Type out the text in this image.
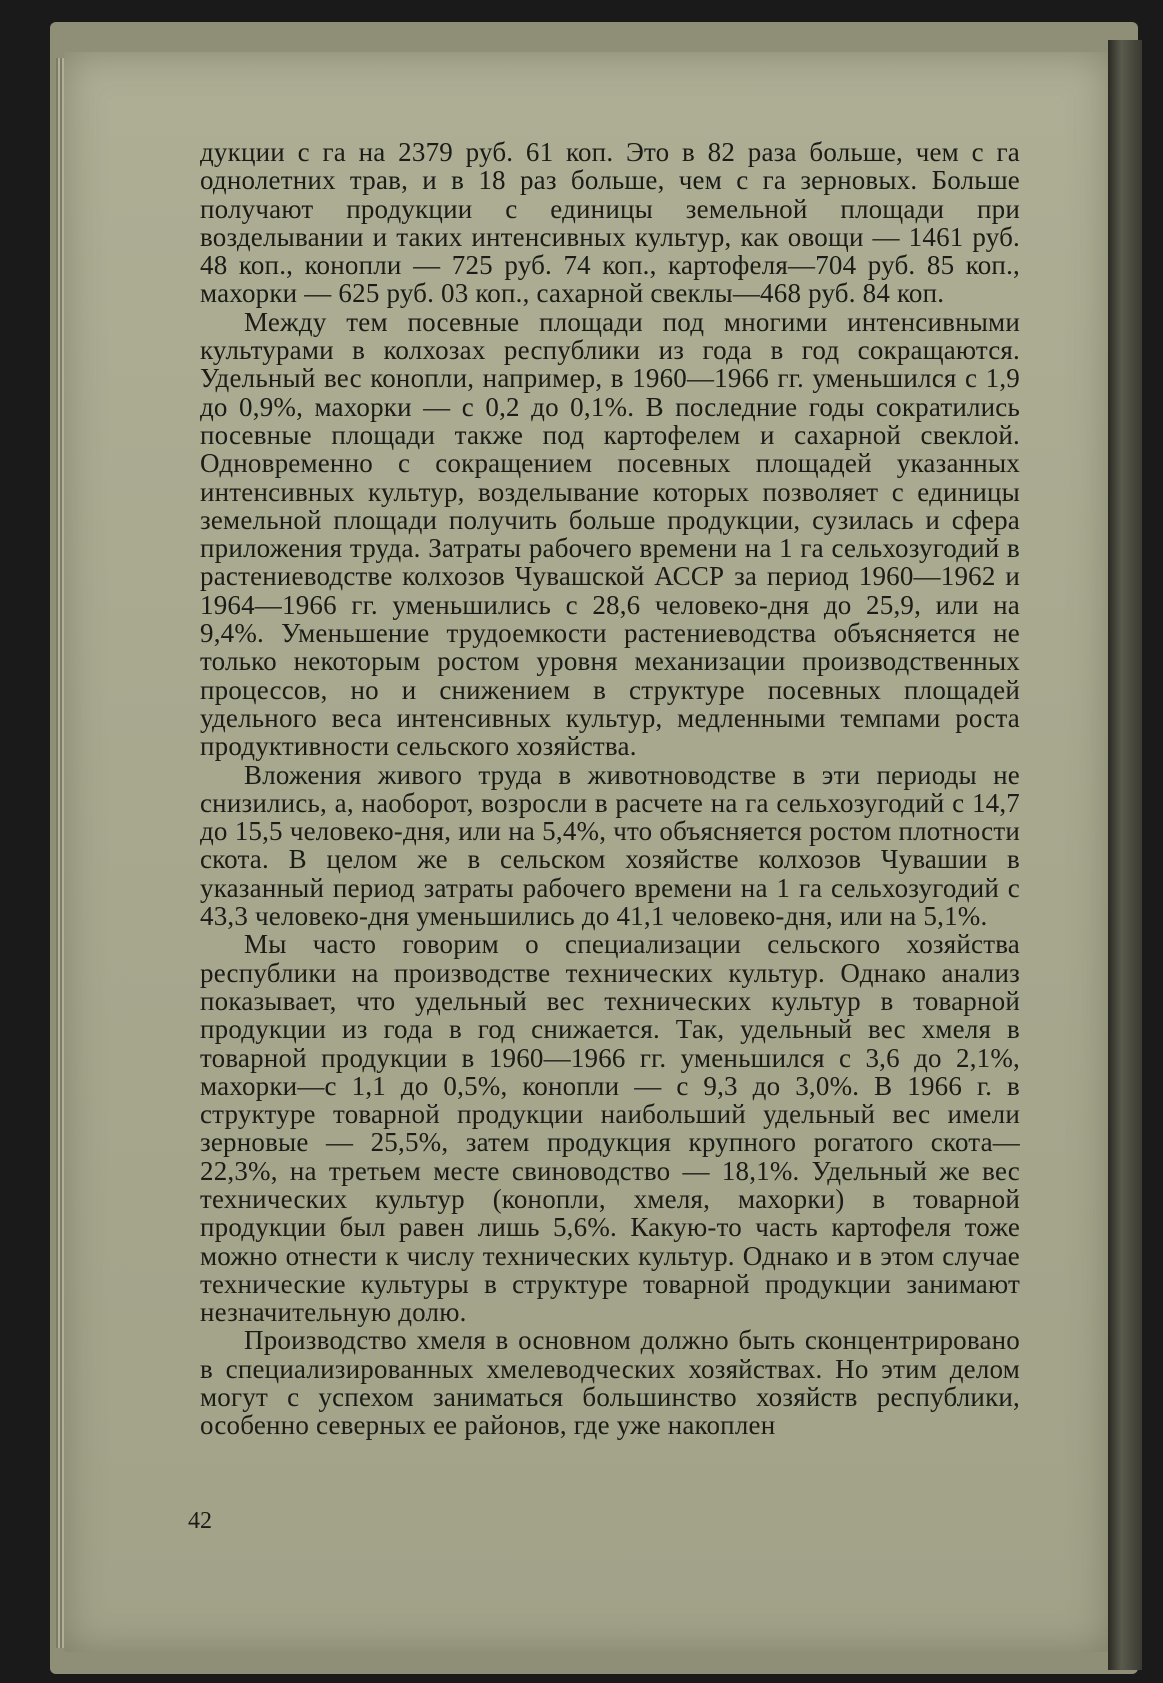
дукции с га на 2379 руб. 61 коп. Это в 82 раза больше, чем с га однолетних трав, и в 18 раз больше, чем с га зерновых. Больше получают продукции с единицы земельной площади при возделывании и таких интенсивных культур, как овощи — 1461 руб. 48 коп., конопли — 725 руб. 74 коп., картофеля—704 руб. 85 коп., махорки — 625 руб. 03 коп., сахарной свеклы—468 руб. 84 коп.

Между тем посевные площади под многими интенсивными культурами в колхозах республики из года в год сокращаются. Удельный вес конопли, например, в 1960—1966 гг. уменьшился с 1,9 до 0,9%, махорки — с 0,2 до 0,1%. В последние годы сократились посевные площади также под картофелем и сахарной свеклой. Одновременно с сокращением посевных площадей указанных интенсивных культур, возделывание которых позволяет с единицы земельной площади получить больше продукции, сузилась и сфера приложения труда. Затраты рабочего времени на 1 га сельхозугодий в растениеводстве колхозов Чувашской АССР за период 1960—1962 и 1964—1966 гг. уменьшились с 28,6 человеко-дня до 25,9, или на 9,4%. Уменьшение трудоемкости растениеводства объясняется не только некоторым ростом уровня механизации производственных процессов, но и снижением в структуре посевных площадей удельного веса интенсивных культур, медленными темпами роста продуктивности сельского хозяйства.

Вложения живого труда в животноводстве в эти периоды не снизились, а, наоборот, возросли в расчете на га сельхозугодий с 14,7 до 15,5 человеко-дня, или на 5,4%, что объясняется ростом плотности скота. В целом же в сельском хозяйстве колхозов Чувашии в указанный период затраты рабочего времени на 1 га сельхозугодий с 43,3 человеко-дня уменьшились до 41,1 человеко-дня, или на 5,1%.

Мы часто говорим о специализации сельского хозяйства республики на производстве технических культур. Однако анализ показывает, что удельный вес технических культур в товарной продукции из года в год снижается. Так, удельный вес хмеля в товарной продукции в 1960—1966 гг. уменьшился с 3,6 до 2,1%, махорки—с 1,1 до 0,5%, конопли — с 9,3 до 3,0%. В 1966 г. в структуре товарной продукции наибольший удельный вес имели зерновые — 25,5%, затем продукция крупного рогатого скота—22,3%, на третьем месте свиноводство — 18,1%. Удельный же вес технических культур (конопли, хмеля, махорки) в товарной продукции был равен лишь 5,6%. Какую-то часть картофеля тоже можно отнести к числу технических культур. Однако и в этом случае технические культуры в структуре товарной продукции занимают незначительную долю.

Производство хмеля в основном должно быть сконцентрировано в специализированных хмелеводческих хозяйствах. Но этим делом могут с успехом заниматься большинство хозяйств республики, особенно северных ее районов, где уже накоплен

42
